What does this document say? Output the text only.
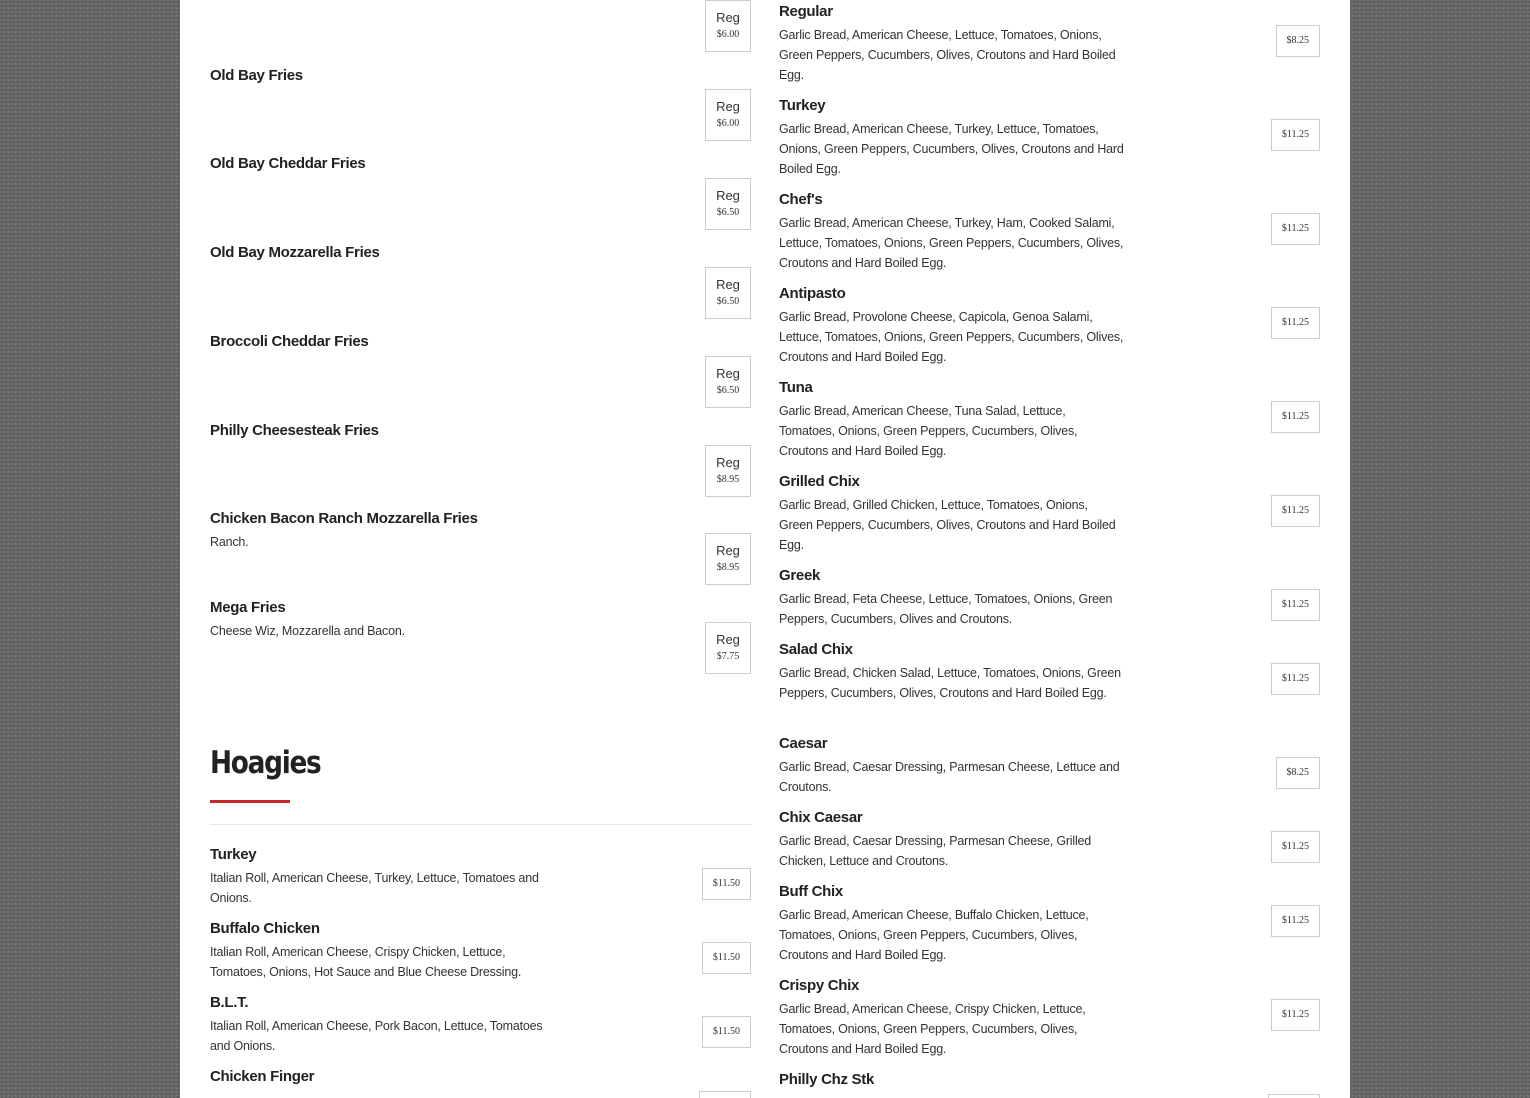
Reg
$6.00
Old Bay Fries
Reg
$6.00
Old Bay Cheddar Fries
Reg
$6.50
Old Bay Mozzarella Fries
Reg
$6.50
Broccoli Cheddar Fries
Reg
$6.50
Philly Cheesesteak Fries
Reg
$8.95
Chicken Bacon Ranch Mozzarella Fries
Ranch.
Reg
$8.95
Mega Fries
Cheese Wiz, Mozzarella and Bacon.
Reg
$7.75
Hoagies
Turkey
Italian Roll, American Cheese, Turkey, Lettuce, Tomatoes and Onions.
$11.50
Buffalo Chicken
Italian Roll, American Cheese, Crispy Chicken, Lettuce, Tomatoes, Onions, Hot Sauce and Blue Cheese Dressing.
$11.50
B.L.T.
Italian Roll, American Cheese, Pork Bacon, Lettuce, Tomatoes and Onions.
$11.50
Chicken Finger
Regular
Garlic Bread, American Cheese, Lettuce, Tomatoes, Onions, Green Peppers, Cucumbers, Olives, Croutons and Hard Boiled Egg.
$8.25
Turkey
Garlic Bread, American Cheese, Turkey, Lettuce, Tomatoes, Onions, Green Peppers, Cucumbers, Olives, Croutons and Hard Boiled Egg.
$11.25
Chef's
Garlic Bread, American Cheese, Turkey, Ham, Cooked Salami, Lettuce, Tomatoes, Onions, Green Peppers, Cucumbers, Olives, Croutons and Hard Boiled Egg.
$11.25
Antipasto
Garlic Bread, Provolone Cheese, Capicola, Genoa Salami, Lettuce, Tomatoes, Onions, Green Peppers, Cucumbers, Olives, Croutons and Hard Boiled Egg.
$11.25
Tuna
Garlic Bread, American Cheese, Tuna Salad, Lettuce, Tomatoes, Onions, Green Peppers, Cucumbers, Olives, Croutons and Hard Boiled Egg.
$11.25
Grilled Chix
Garlic Bread, Grilled Chicken, Lettuce, Tomatoes, Onions, Green Peppers, Cucumbers, Olives, Croutons and Hard Boiled Egg.
$11.25
Greek
Garlic Bread, Feta Cheese, Lettuce, Tomatoes, Onions, Green Peppers, Cucumbers, Olives and Croutons.
$11.25
Salad Chix
Garlic Bread, Chicken Salad, Lettuce, Tomatoes, Onions, Green Peppers, Cucumbers, Olives, Croutons and Hard Boiled Egg.
$11.25
Caesar
Garlic Bread, Caesar Dressing, Parmesan Cheese, Lettuce and Croutons.
$8.25
Chix Caesar
Garlic Bread, Caesar Dressing, Parmesan Cheese, Grilled Chicken, Lettuce and Croutons.
$11.25
Buff Chix
Garlic Bread, American Cheese, Buffalo Chicken, Lettuce, Tomatoes, Onions, Green Peppers, Cucumbers, Olives, Croutons and Hard Boiled Egg.
$11.25
Crispy Chix
Garlic Bread, American Cheese, Crispy Chicken, Lettuce, Tomatoes, Onions, Green Peppers, Cucumbers, Olives, Croutons and Hard Boiled Egg.
$11.25
Philly Chz Stk
